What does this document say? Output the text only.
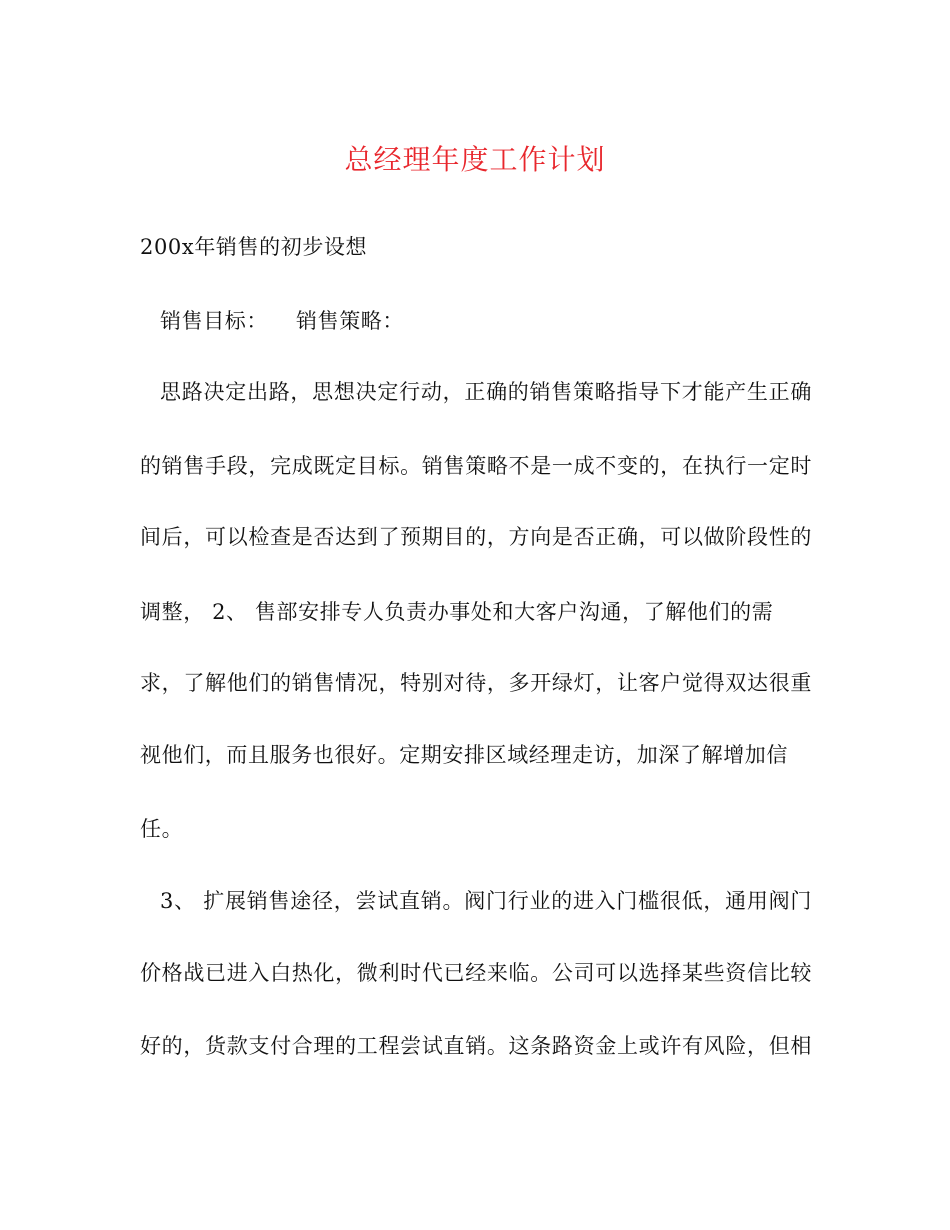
总经理年度工作计划
200x年销售的初步设想
销售目标： 销售策略：
思路决定出路，思想决定行动，正确的销售策略指导下才能产生正确
的销售手段，完成既定目标。销售策略不是一成不变的，在执行一定时
间后，可以检查是否达到了预期目的，方向是否正确，可以做阶段性的
调整， 2、 售部安排专人负责办事处和大客户沟通，了解他们的需
求，了解他们的销售情况，特别对待，多开绿灯，让客户觉得双达很重
视他们，而且服务也很好。定期安排区域经理走访，加深了解增加信
任。
3、 扩展销售途径，尝试直销。阀门行业的进入门槛很低，通用阀门
价格战已进入白热化，微利时代已经来临。公司可以选择某些资信比较
好的，货款支付合理的工程尝试直销。这条路资金上或许有风险，但相
